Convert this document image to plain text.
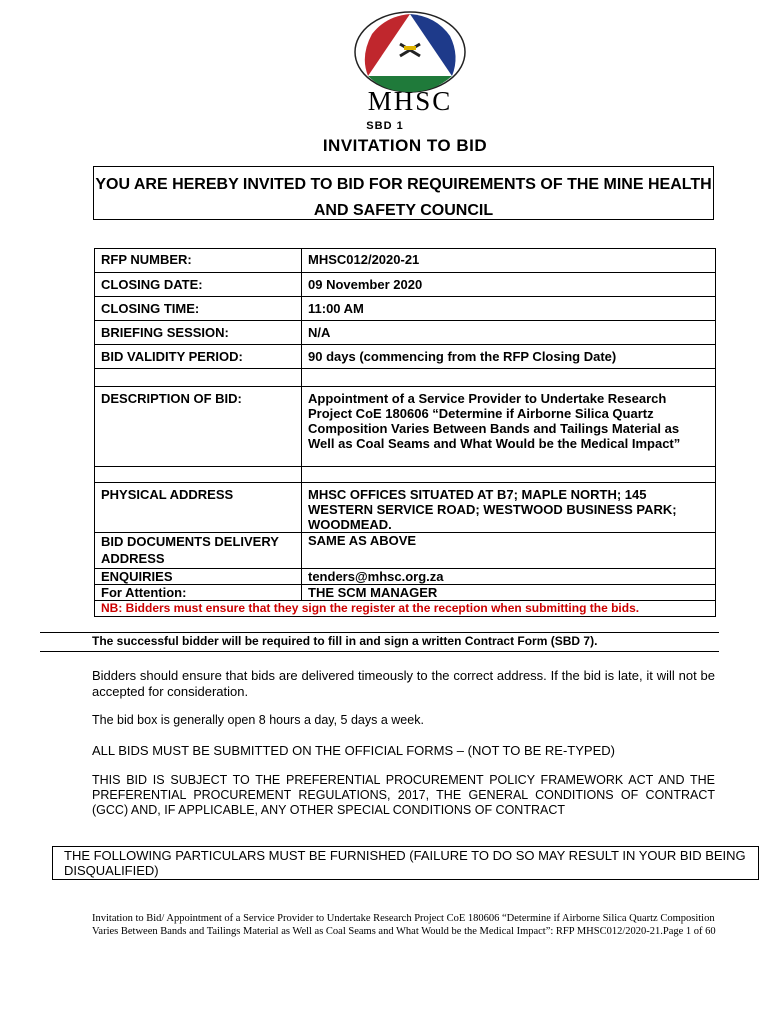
MHSC
SBD 1
INVITATION TO BID
YOU ARE HEREBY INVITED TO BID FOR REQUIREMENTS OF THE MINE HEALTH AND SAFETY COUNCIL
RFP NUMBER:	MHSC012/2020-21
CLOSING DATE:	09 November 2020
CLOSING TIME:	11:00 AM
BRIEFING SESSION:	N/A
BID VALIDITY PERIOD:	90 days (commencing from the RFP Closing Date)

DESCRIPTION OF BID:	Appointment of a Service Provider to Undertake Research Project CoE 180606 “Determine if Airborne Silica Quartz Composition Varies Between Bands and Tailings Material as Well as Coal Seams and What Would be the Medical Impact”

PHYSICAL ADDRESS	MHSC OFFICES SITUATED AT B7; MAPLE NORTH; 145 WESTERN SERVICE ROAD; WESTWOOD BUSINESS PARK; WOODMEAD.
BID DOCUMENTS DELIVERY ADDRESS	SAME AS ABOVE
ENQUIRIES	tenders@mhsc.org.za
For Attention:	THE SCM MANAGER
NB: Bidders must ensure that they sign the register at the reception when submitting the bids.	
The successful bidder will be required to fill in and sign a written Contract Form (SBD 7).
Bidders should ensure that bids are delivered timeously to the correct address. If the bid is late, it will not be accepted for consideration.
The bid box is generally open 8 hours a day, 5 days a week.
ALL BIDS MUST BE SUBMITTED ON THE OFFICIAL FORMS – (NOT TO BE RE-TYPED)
THIS BID IS SUBJECT TO THE PREFERENTIAL PROCUREMENT POLICY FRAMEWORK ACT AND THE PREFERENTIAL PROCUREMENT REGULATIONS, 2017, THE GENERAL CONDITIONS OF CONTRACT (GCC) AND, IF APPLICABLE, ANY OTHER SPECIAL CONDITIONS OF CONTRACT
THE FOLLOWING PARTICULARS MUST BE FURNISHED (FAILURE TO DO SO MAY RESULT IN YOUR BID BEING DISQUALIFIED)
Invitation to Bid/ Appointment of a Service Provider to Undertake Research Project CoE 180606 “Determine if Airborne Silica Quartz Composition Varies Between Bands and Tailings Material as Well as Coal Seams and What Would be the Medical Impact”: RFP MHSC012/2020-21.Page 1 of 60
